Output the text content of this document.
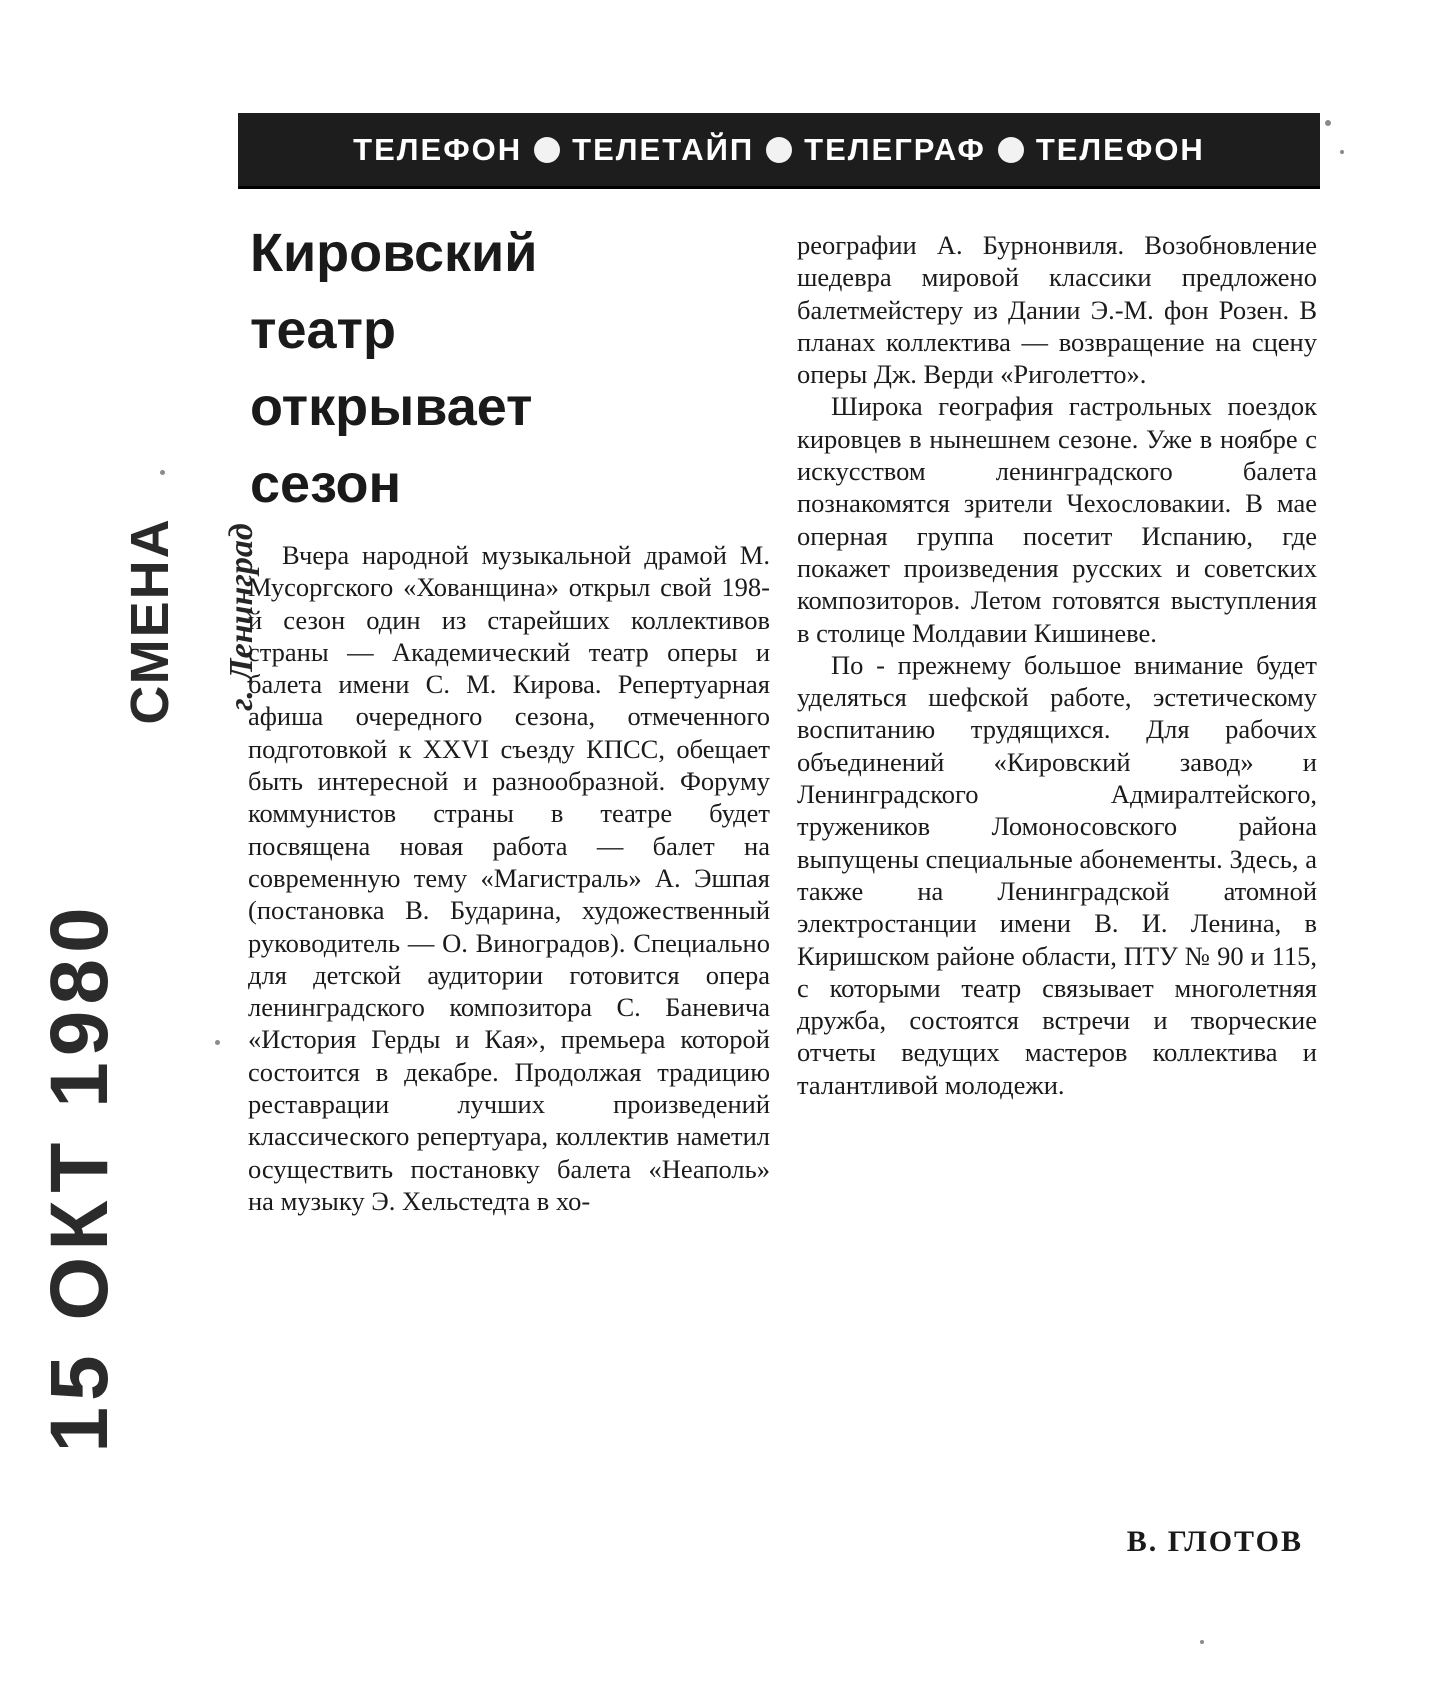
СМЕНА г. Ленинград
15 ОКТ 1980
ТЕЛЕФОН ТЕЛЕТАЙП ТЕЛЕГРАФ ТЕЛЕФОН
Кировский
театр
открывает
сезон

Вчера народной музыкальной драмой М. Мусоргского «Хованщина» открыл свой 198-й сезон один из старейших коллективов страны — Академический театр оперы и балета имени С. М. Кирова. Репертуарная афиша очередного сезона, отмеченного подготовкой к XXVI съезду КПСС, обещает быть интересной и разнообразной. Форуму коммунистов страны в театре будет посвящена новая работа — балет на современную тему «Магистраль» А. Эшпая (постановка В. Бударина, художественный руководитель — О. Виноградов). Специально для детской аудитории готовится опера ленинградского композитора С. Баневича «История Герды и Кая», премьера которой состоится в декабре. Продолжая традицию реставрации лучших произведений классического репертуара, коллектив наметил осуществить постановку балета «Неаполь» на музыку Э. Хельстедта в хо-

реографии А. Бурнонвиля. Возобновление шедевра мировой классики предложено балетмейстеру из Дании Э.-М. фон Розен. В планах коллектива — возвращение на сцену оперы Дж. Верди «Риголетто».

Широка география гастрольных поездок кировцев в нынешнем сезоне. Уже в ноябре с искусством ленинградского балета познакомятся зрители Чехословакии. В мае оперная группа посетит Испанию, где покажет произведения русских и советских композиторов. Летом готовятся выступления в столице Молдавии Кишиневе.

По - прежнему большое внимание будет уделяться шефской работе, эстетическому воспитанию трудящихся. Для рабочих объединений «Кировский завод» и Ленинградского Адмиралтейского, тружеников Ломоносовского района выпущены специальные абонементы. Здесь, а также на Ленинградской атомной электростанции имени В. И. Ленина, в Киришском районе области, ПТУ № 90 и 115, с которыми театр связывает многолетняя дружба, состоятся встречи и творческие отчеты ведущих мастеров коллектива и талантливой молодежи.

В. ГЛОТОВ
